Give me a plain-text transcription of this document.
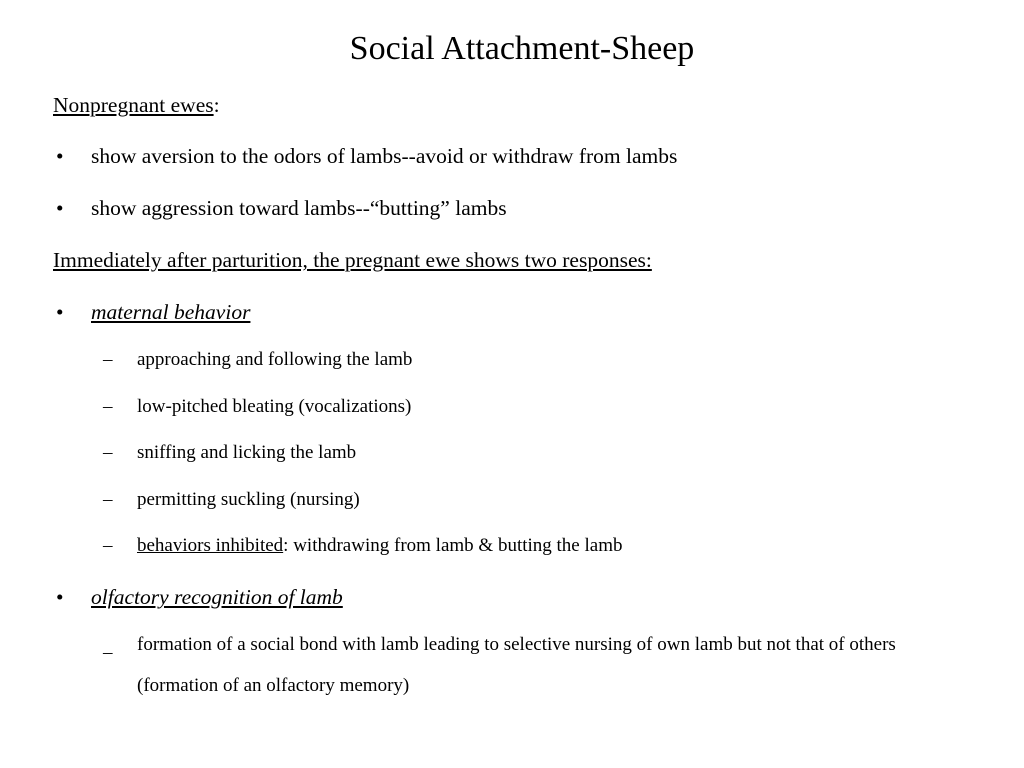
Social Attachment-Sheep
Nonpregnant ewes:
• show aversion to the odors of lambs--avoid or withdraw from lambs
• show aggression toward lambs--“butting” lambs
Immediately after parturition, the pregnant ewe shows two responses:
• maternal behavior
– approaching and following the lamb
– low-pitched bleating (vocalizations)
– sniffing and licking the lamb
– permitting suckling (nursing)
– behaviors inhibited: withdrawing from lamb & butting the lamb
• olfactory recognition of lamb
– formation of a social bond with lamb leading to selective nursing of own lamb but not that of others (formation of an olfactory memory)
